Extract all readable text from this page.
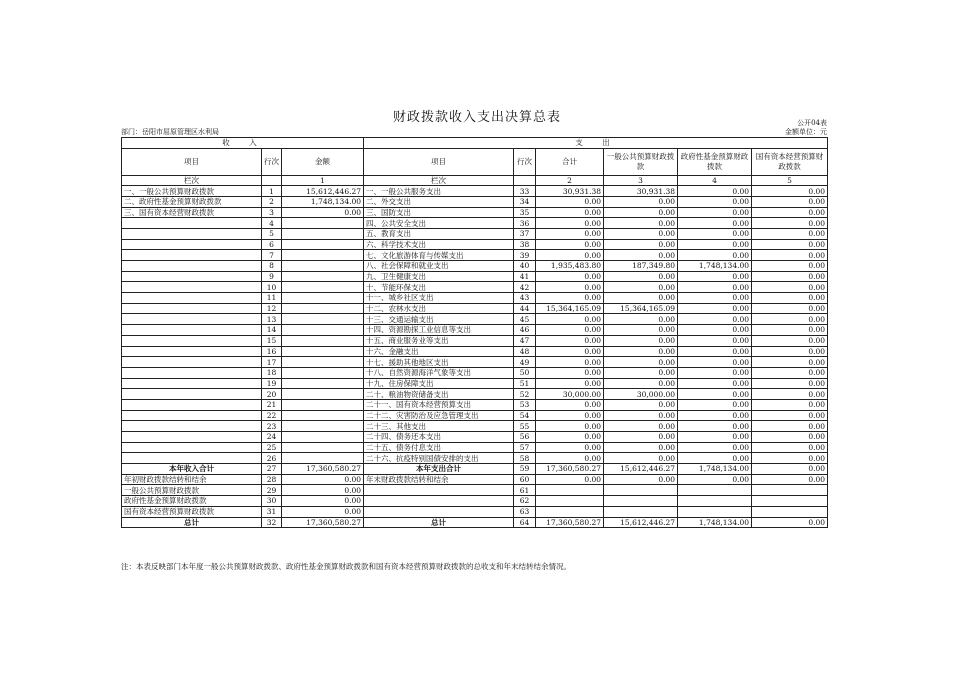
财政拨款收入支出决算总表	公开04表
部门：岳阳市屈原管理区水利局	金额单位：元
收　入			支　出					
项目	行次	金额	项目	行次	合计	一般公共预算财政拨款	政府性基金预算财政拨款	国有资本经营预算财政拨款
栏次		1	栏次		2	3	4	5
一、一般公共预算财政拨款	1	15,612,446.27	一、一般公共服务支出	33	30,931.38	30,931.38	0.00	0.00
二、政府性基金预算财政拨款	2	1,748,134.00	二、外交支出	34	0.00	0.00	0.00	0.00
三、国有资本经营财政拨款	3	0.00	三、国防支出	35	0.00	0.00	0.00	0.00
	4		四、公共安全支出	36	0.00	0.00	0.00	0.00
	5		五、教育支出	37	0.00	0.00	0.00	0.00
	6		六、科学技术支出	38	0.00	0.00	0.00	0.00
	7		七、文化旅游体育与传媒支出	39	0.00	0.00	0.00	0.00
	8		八、社会保障和就业支出	40	1,935,483.80	187,349.80	1,748,134.00	0.00
	9		九、卫生健康支出	41	0.00	0.00	0.00	0.00
	10		十、节能环保支出	42	0.00	0.00	0.00	0.00
	11		十一、城乡社区支出	43	0.00	0.00	0.00	0.00
	12		十二、农林水支出	44	15,364,165.09	15,364,165.09	0.00	0.00
	13		十三、交通运输支出	45	0.00	0.00	0.00	0.00
	14		十四、资源勘探工业信息等支出	46	0.00	0.00	0.00	0.00
	15		十五、商业服务业等支出	47	0.00	0.00	0.00	0.00
	16		十六、金融支出	48	0.00	0.00	0.00	0.00
	17		十七、援助其他地区支出	49	0.00	0.00	0.00	0.00
	18		十八、自然资源海洋气象等支出	50	0.00	0.00	0.00	0.00
	19		十九、住房保障支出	51	0.00	0.00	0.00	0.00
	20		二十、粮油物资储备支出	52	30,000.00	30,000.00	0.00	0.00
	21		二十一、国有资本经营预算支出	53	0.00	0.00	0.00	0.00
	22		二十二、灾害防治及应急管理支出	54	0.00	0.00	0.00	0.00
	23		二十三、其他支出	55	0.00	0.00	0.00	0.00
	24		二十四、债务还本支出	56	0.00	0.00	0.00	0.00
	25		二十五、债务付息支出	57	0.00	0.00	0.00	0.00
	26		二十六、抗疫特别国债安排的支出	58	0.00	0.00	0.00	0.00
本年收入合计	27	17,360,580.27	本年支出合计	59	17,360,580.27	15,612,446.27	1,748,134.00	0.00
年初财政拨款结转和结余	28	0.00	年末财政拨款结转和结余	60	0.00	0.00	0.00	0.00
一般公共预算财政拨款	29	0.00		61				
政府性基金预算财政拨款	30	0.00		62				
国有资本经营预算财政拨款	31	0.00		63				
总计	32	17,360,580.27	总计	64	17,360,580.27	15,612,446.27	1,748,134.00	0.00
注：本表反映部门本年度一般公共预算财政拨款、政府性基金预算财政拨款和国有资本经营预算财政拨款的总收支和年末结转结余情况。
